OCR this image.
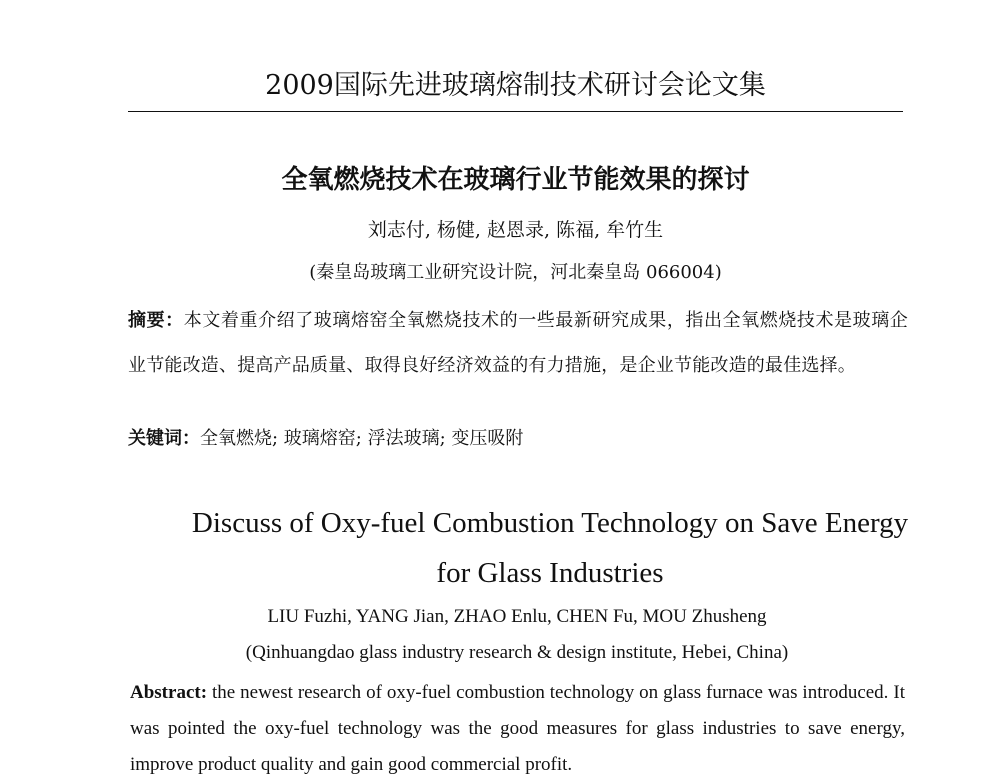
2009国际先进玻璃熔制技术研讨会论文集
全氧燃烧技术在玻璃行业节能效果的探讨
刘志付, 杨健, 赵恩录, 陈福, 牟竹生
(秦皇岛玻璃工业研究设计院，河北秦皇岛 066004)

摘要：本文着重介绍了玻璃熔窑全氧燃烧技术的一些最新研究成果，指出全氧燃烧技术是玻璃企业节能改造、提高产品质量、取得良好经济效益的有力措施，是企业节能改造的最佳选择。

关键词：全氧燃烧; 玻璃熔窑; 浮法玻璃; 变压吸附

Discuss of Oxy-fuel Combustion Technology on Save Energy
for Glass Industries
LIU Fuzhi, YANG Jian, ZHAO Enlu, CHEN Fu, MOU Zhusheng
(Qinhuangdao glass industry research & design institute, Hebei, China)

Abstract: the newest research of oxy-fuel combustion technology on glass furnace was introduced. It was pointed the oxy-fuel technology was the good measures for glass industries to save energy, improve product quality and gain good commercial profit.
